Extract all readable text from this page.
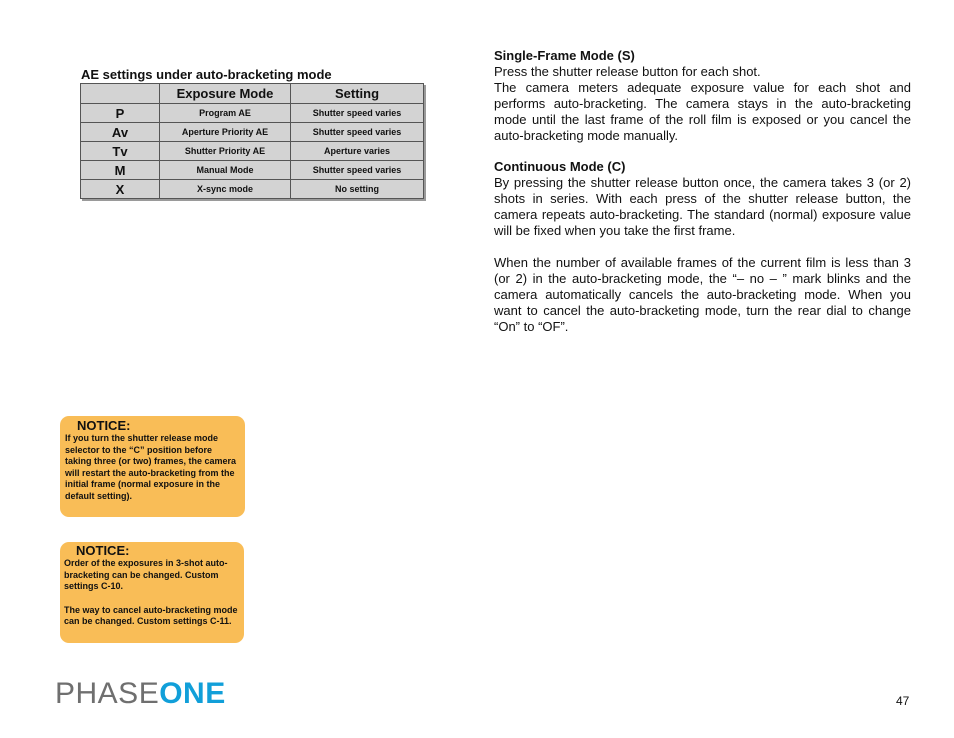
AE settings under auto-bracketing mode
	Exposure Mode	Setting
P	Program AE	Shutter speed varies
Av	Aperture Priority AE	Shutter speed varies
Tv	Shutter Priority AE	Aperture varies
M	Manual Mode	Shutter speed varies
X	X-sync mode	No setting
Single-Frame Mode (S)

Press the shutter release button for each shot.

The camera meters adequate exposure value for each shot and performs auto-bracketing. The camera stays in the auto-bracketing mode until the last frame of the roll film is exposed or you cancel the auto-bracketing mode manually.

Continuous Mode (C)

By pressing the shutter release button once, the camera takes 3 (or 2) shots in series. With each press of the shutter release button, the camera repeats auto-bracketing. The standard (normal) exposure value will be fixed when you take the first frame.

When the number of available frames of the current film is less than 3 (or 2) in the auto-bracketing mode, the “– no – ” mark blinks and the camera automatically cancels the auto-bracketing mode. When you want to cancel the auto-bracketing mode, turn the rear dial to change “On” to “OF”.

NOTICE:

If you turn the shutter release mode selector to the “C” position before taking three (or two) frames, the camera will restart the auto-bracketing from the initial frame (normal exposure in the default setting).

NOTICE:

Order of the exposures in 3-shot auto-bracketing can be changed. Custom settings C-10.

The way to cancel auto-bracketing mode can be changed. Custom settings C-11.

PHASEONE	47
